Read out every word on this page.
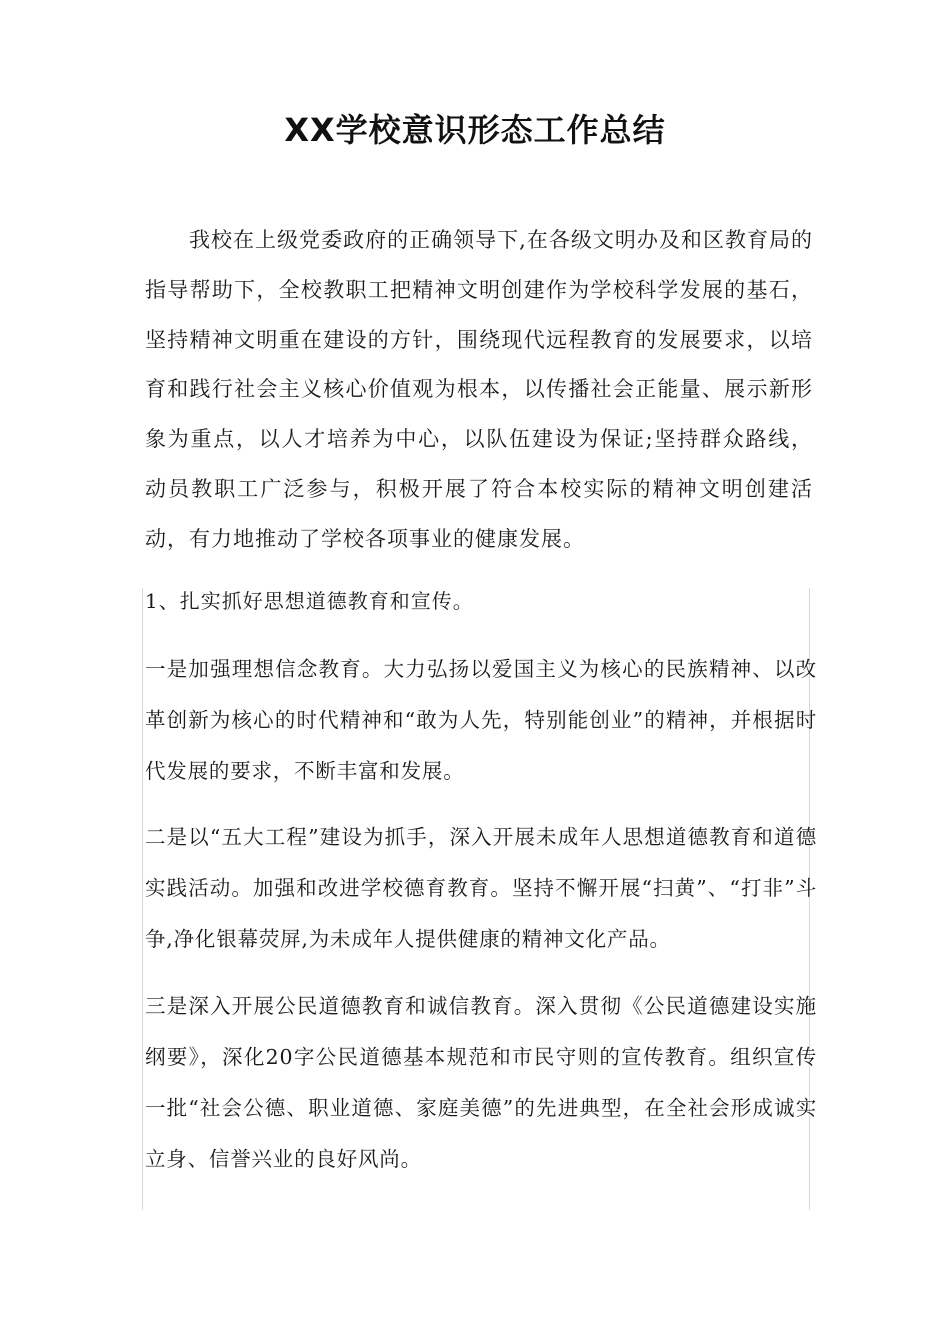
XX学校意识形态工作总结

我校在上级党委政府的正确领导下,在各级文明办及和区教育局的指导帮助下，全校教职工把精神文明创建作为学校科学发展的基石，坚持精神文明重在建设的方针，围绕现代远程教育的发展要求，以培育和践行社会主义核心价值观为根本，以传播社会正能量、展示新形象为重点，以人才培养为中心，以队伍建设为保证;坚持群众路线，动员教职工广泛参与，积极开展了符合本校实际的精神文明创建活动，有力地推动了学校各项事业的健康发展。

1、扎实抓好思想道德教育和宣传。

一是加强理想信念教育。大力弘扬以爱国主义为核心的民族精神、以改革创新为核心的时代精神和“敢为人先，特别能创业”的精神，并根据时代发展的要求，不断丰富和发展。

二是以“五大工程”建设为抓手，深入开展未成年人思想道德教育和道德实践活动。加强和改进学校德育教育。坚持不懈开展“扫黄”、“打非”斗争,净化银幕荧屏,为未成年人提供健康的精神文化产品。

三是深入开展公民道德教育和诚信教育。深入贯彻《公民道德建设实施纲要》，深化20字公民道德基本规范和市民守则的宣传教育。组织宣传一批“社会公德、职业道德、家庭美德”的先进典型，在全社会形成诚实立身、信誉兴业的良好风尚。
